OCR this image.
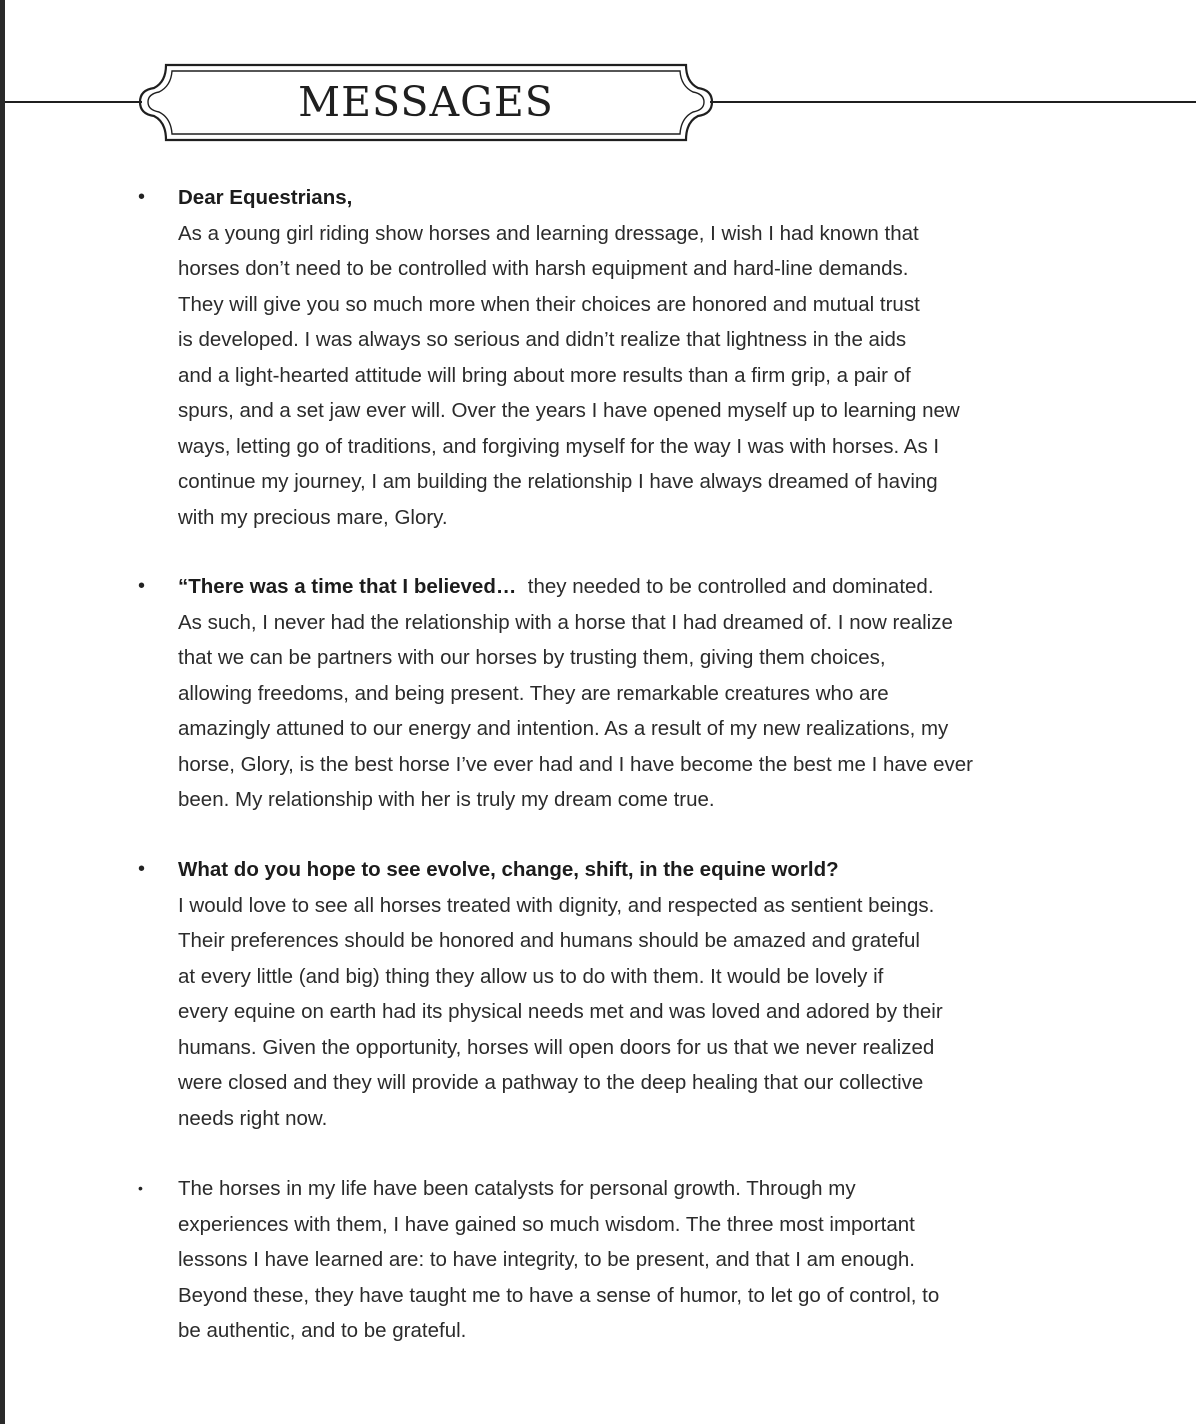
MESSAGES
• Dear Equestrians,
As a young girl riding show horses and learning dressage, I wish I had known that
horses don’t need to be controlled with harsh equipment and hard-line demands.
They will give you so much more when their choices are honored and mutual trust
is developed. I was always so serious and didn’t realize that lightness in the aids
and a light-hearted attitude will bring about more results than a firm grip, a pair of
spurs, and a set jaw ever will. Over the years I have opened myself up to learning new
ways, letting go of traditions, and forgiving myself for the way I was with horses. As I
continue my journey, I am building the relationship I have always dreamed of having
with my precious mare, Glory.
• “There was a time that I believed…  they needed to be controlled and dominated.
As such, I never had the relationship with a horse that I had dreamed of. I now realize
that we can be partners with our horses by trusting them, giving them choices,
allowing freedoms, and being present. They are remarkable creatures who are
amazingly attuned to our energy and intention. As a result of my new realizations, my
horse, Glory, is the best horse I’ve ever had and I have become the best me I have ever
been. My relationship with her is truly my dream come true.
• What do you hope to see evolve, change, shift, in the equine world?
I would love to see all horses treated with dignity, and respected as sentient beings.
Their preferences should be honored and humans should be amazed and grateful
at every little (and big) thing they allow us to do with them. It would be lovely if
every equine on earth had its physical needs met and was loved and adored by their
humans. Given the opportunity, horses will open doors for us that we never realized
were closed and they will provide a pathway to the deep healing that our collective
needs right now.
• The horses in my life have been catalysts for personal growth. Through my
experiences with them, I have gained so much wisdom. The three most important
lessons I have learned are: to have integrity, to be present, and that I am enough.
Beyond these, they have taught me to have a sense of humor, to let go of control, to
be authentic, and to be grateful.
